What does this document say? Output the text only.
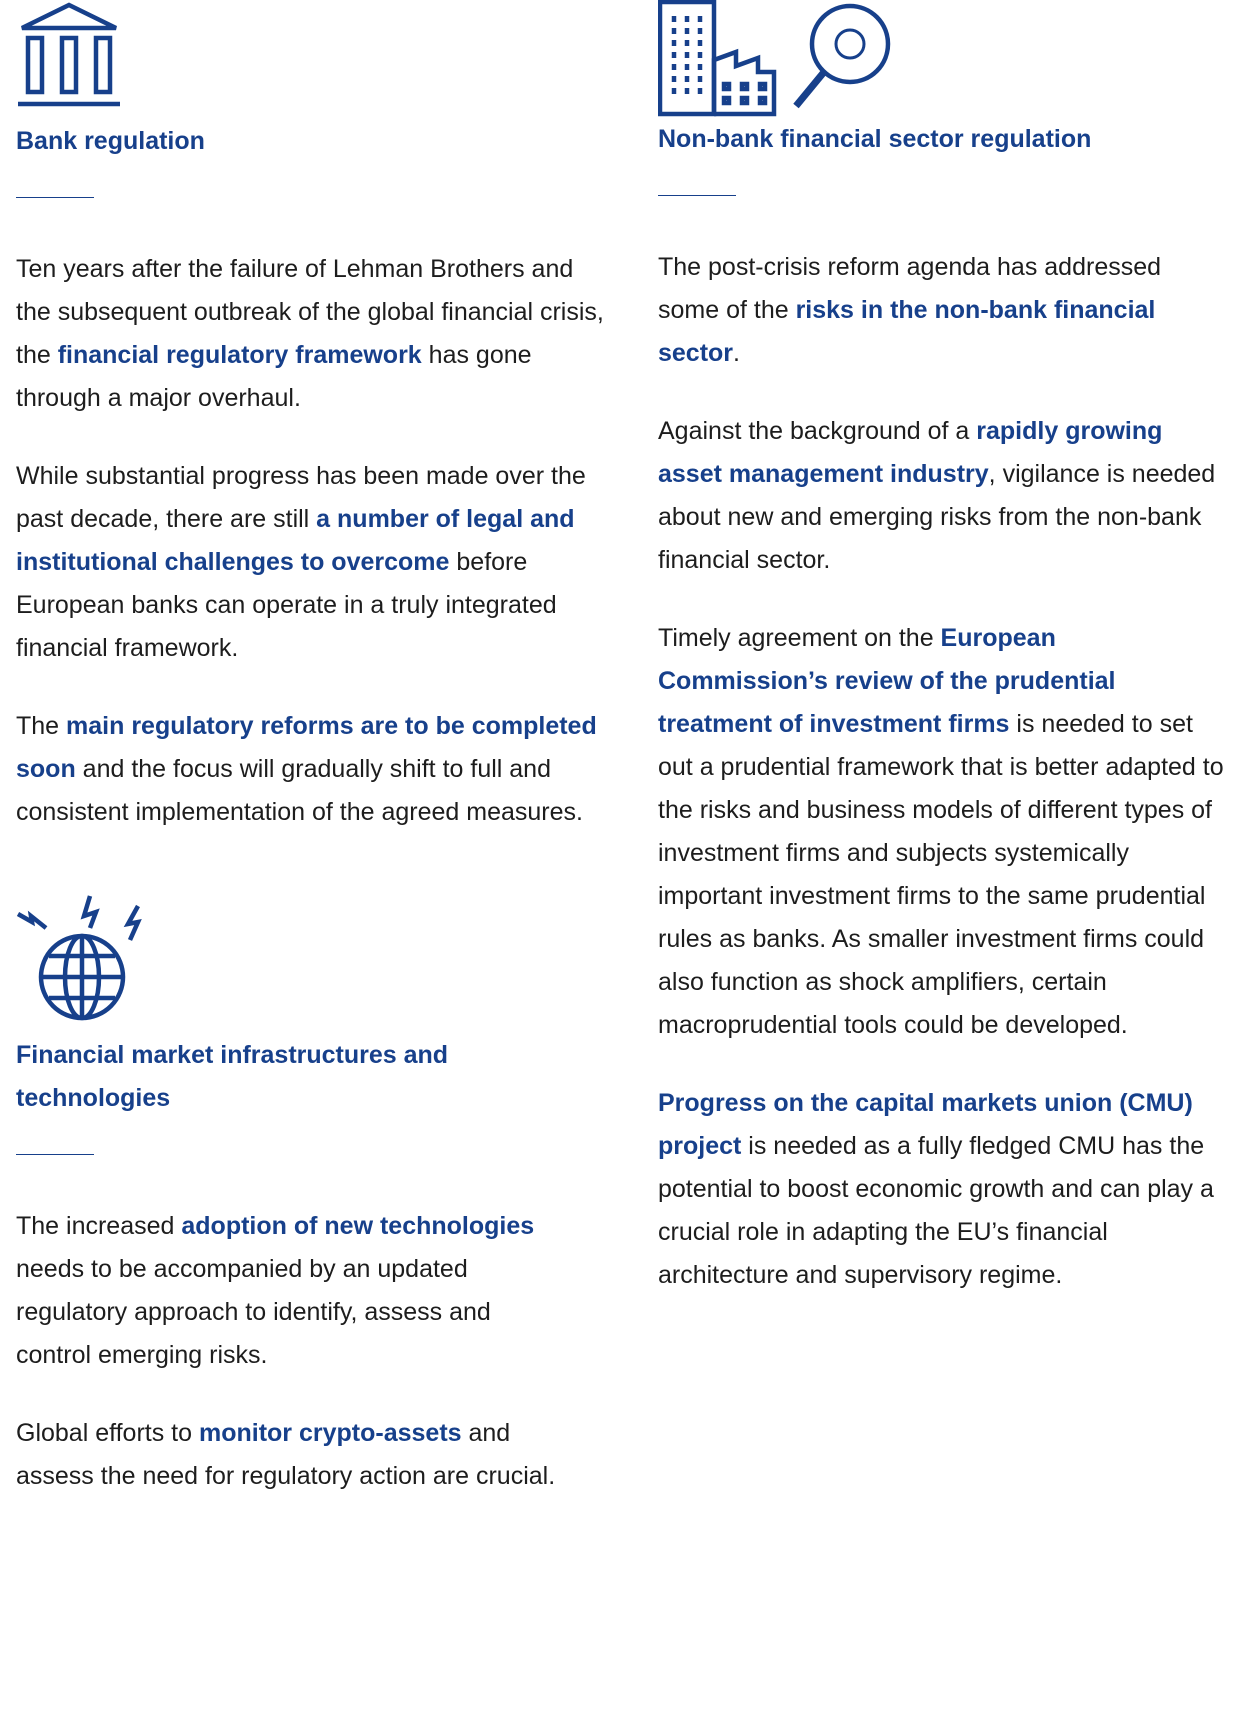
Bank regulation

Ten years after the failure of Lehman Brothers and the subsequent outbreak of the global financial crisis, the financial regulatory framework has gone through a major overhaul.

While substantial progress has been made over the past decade, there are still a number of legal and institutional challenges to overcome before European banks can operate in a truly integrated financial framework.

The main regulatory reforms are to be completed soon and the focus will gradually shift to full and consistent implementation of the agreed measures.

Financial market infrastructures and technologies

The increased adoption of new technologies needs to be accompanied by an updated regulatory approach to identify, assess and control emerging risks.

Global efforts to monitor crypto-assets and assess the need for regulatory action are crucial.

Non-bank financial sector regulation

The post-crisis reform agenda has addressed some of the risks in the non-bank financial sector.

Against the background of a rapidly growing asset management industry, vigilance is needed about new and emerging risks from the non-bank financial sector.

Timely agreement on the European Commission’s review of the prudential treatment of investment firms is needed to set out a prudential framework that is better adapted to the risks and business models of different types of investment firms and subjects systemically important investment firms to the same prudential rules as banks. As smaller investment firms could also function as shock amplifiers, certain macroprudential tools could be developed.

Progress on the capital markets union (CMU) project is needed as a fully fledged CMU has the potential to boost economic growth and can play a crucial role in adapting the EU’s financial architecture and supervisory regime.
